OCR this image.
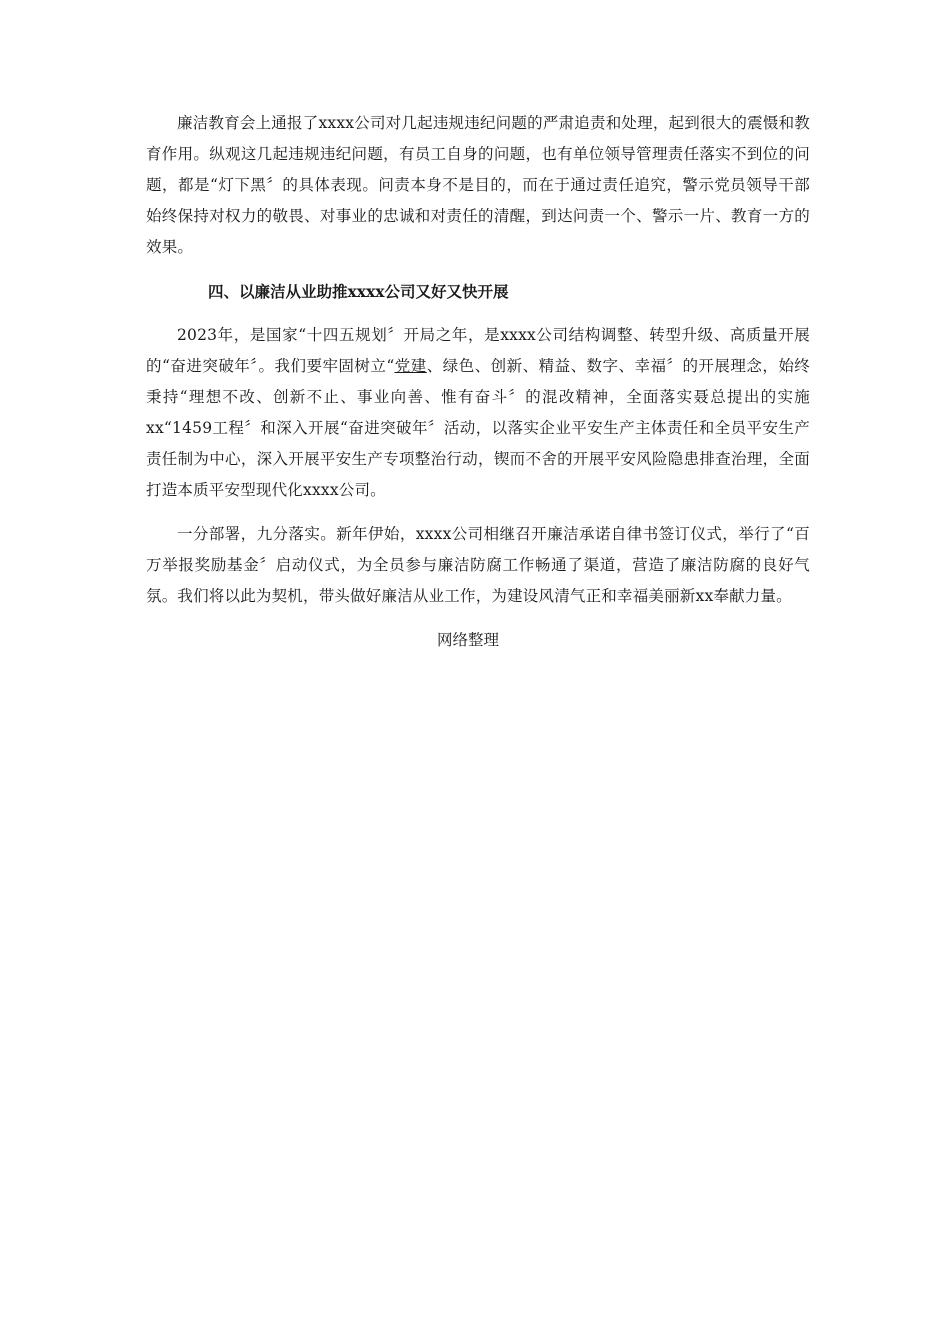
廉洁教育会上通报了xxxx公司对几起违规违纪问题的严肃追责和处理，起到很大的震慑和教育作用。纵观这几起违规违纪问题，有员工自身的问题，也有单位领导管理责任落实不到位的问题，都是“灯下黑〞的具体表现。问责本身不是目的，而在于通过责任追究，警示党员领导干部始终保持对权力的敬畏、对事业的忠诚和对责任的清醒，到达问责一个、警示一片、教育一方的效果。

四、以廉洁从业助推xxxx公司又好又快开展

2023年，是国家“十四五规划〞开局之年，是xxxx公司结构调整、转型升级、高质量开展的“奋进突破年〞。我们要牢固树立“党建、绿色、创新、精益、数字、幸福〞的开展理念，始终秉持“理想不改、创新不止、事业向善、惟有奋斗〞的混改精神，全面落实聂总提出的实施xx“1459工程〞和深入开展“奋进突破年〞活动，以落实企业平安生产主体责任和全员平安生产责任制为中心，深入开展平安生产专项整治行动，锲而不舍的开展平安风险隐患排查治理，全面打造本质平安型现代化xxxx公司。

一分部署，九分落实。新年伊始，xxxx公司相继召开廉洁承诺自律书签订仪式，举行了“百万举报奖励基金〞启动仪式，为全员参与廉洁防腐工作畅通了渠道，营造了廉洁防腐的良好气氛。我们将以此为契机，带头做好廉洁从业工作，为建设风清气正和幸福美丽新xx奉献力量。

网络整理
